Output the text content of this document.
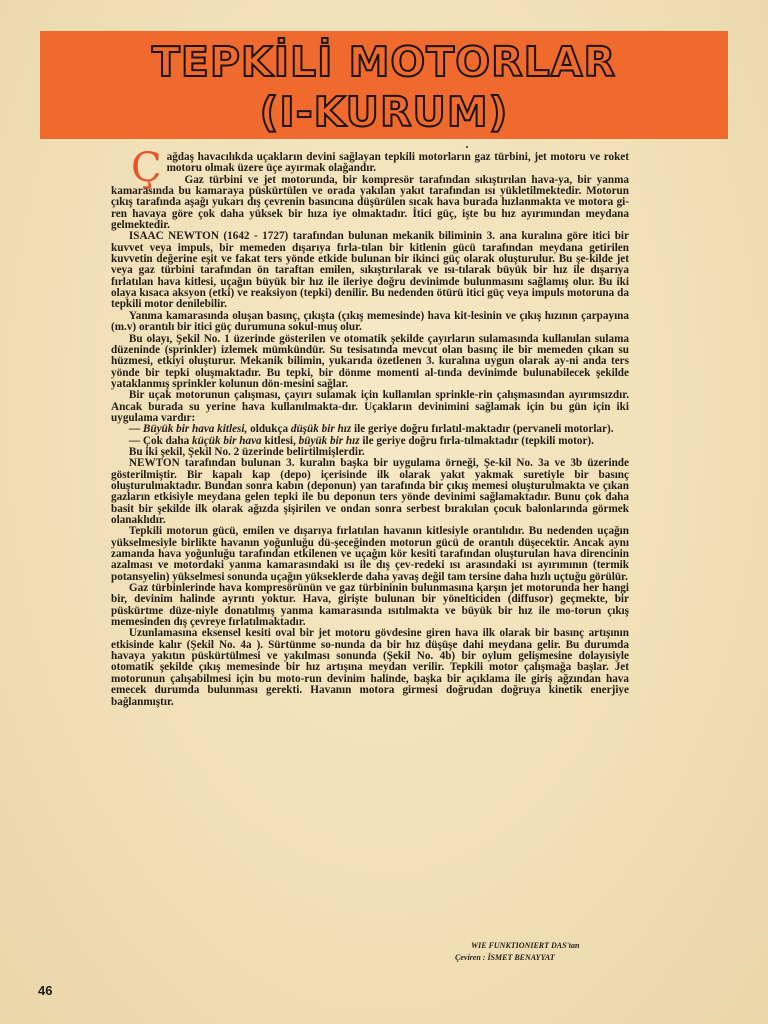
TEPKİLİ MOTORLAR
(I-KURUM)

Çağdaş havacılıkda uçakların devini sağlayan tepkili motorların gaz türbini, jet motoru ve roket motoru olmak üzere üçe ayırmak olağandır.

Gaz türbini ve jet motorunda, bir kompresör tarafından sıkıştırılan hava-ya, bir yanma kamarasında bu kamaraya püskürtülen ve orada yakılan yakıt tarafından ısı yükletilmektedir. Motorun çıkış tarafında aşağı yukarı dış çevrenin basıncına düşürülen sıcak hava burada hızlanmakta ve motora gi-ren havaya göre çok daha yüksek bir hıza iye olmaktadır. İtici güç, işte bu hız ayırımından meydana gelmektedir.

ISAAC NEWTON (1642 - 1727) tarafından bulunan mekanik biliminin 3. ana kuralına göre itici bir kuvvet veya impuls, bir memeden dışarıya fırla-tılan bir kitlenin gücü tarafından meydana getirilen kuvvetin değerine eşit ve fakat ters yönde etkide bulunan bir ikinci güç olarak oluşturulur. Bu şe-kilde jet veya gaz türbini tarafından ön taraftan emilen, sıkıştırılarak ve ısı-tılarak büyük bir hız ile dışarıya fırlatılan hava kitlesi, uçağın büyük bir hız ile ileriye doğru devinimde bulunmasını sağlamış olur. Bu iki olaya kısaca aksyon (etki) ve reaksiyon (tepki) denilir. Bu nedenden ötürü itici güç veya impuls motoruna da tepkili motor denilebilir.

Yanma kamarasında oluşan basınç, çıkışta (çıkış memesinde) hava kit-lesinin ve çıkış hızının çarpayına (m.v) orantılı bir itici güç durumuna sokul-muş olur.

Bu olayı, Şekil No. 1 üzerinde gösterilen ve otomatik şekilde çayırların sulamasında kullanılan sulama düzeninde (sprinkler) izlemek mümkündür. Su tesisatında mevcut olan basınç ile bir memeden çıkan su hüzmesi, etkiyi oluşturur. Mekanik bilimin, yukarıda özetlenen 3. kuralına uygun olarak ay-ni anda ters yönde bir tepki oluşmaktadır. Bu tepki, bir dönme momenti al-tında devinimde bulunabilecek şekilde yataklanmış sprinkler kolunun dön-mesini sağlar.

Bir uçak motorunun çalışması, çayırı sulamak için kullanılan sprinkle-rin çalışmasından ayırımsızdır. Ancak burada su yerine hava kullanılmakta-dır. Uçakların devinimini sağlamak için bu gün için iki uygulama vardır:

— Büyük bir hava kitlesi, oldukça düşük bir hız ile geriye doğru fırlatıl-maktadır (pervaneli motorlar).

— Çok daha küçük bir hava kitlesi, büyük bir hız ile geriye doğru fırla-tılmaktadır (tepkili motor).

Bu iki şekil, Şekil No. 2 üzerinde belirtilmişlerdir.

NEWTON tarafından bulunan 3. kuralın başka bir uygulama örneği, Şe-kil No. 3a ve 3b üzerinde gösterilmiştir. Bir kapalı kap (depo) içerisinde ilk olarak yakıt yakmak suretiyle bir basınç oluşturulmaktadır. Bundan sonra kabın (deponun) yan tarafında bir çıkış memesi oluşturulmakta ve çıkan gazların etkisiyle meydana gelen tepki ile bu deponun ters yönde devinimi sağlamaktadır. Bunu çok daha basit bir şekilde ilk olarak ağızda şişirilen ve ondan sonra serbest bırakılan çocuk balonlarında görmek olanaklıdır.

Tepkili motorun gücü, emilen ve dışarıya fırlatılan havanın kitlesiyle orantılıdır. Bu nedenden uçağın yükselmesiyle birlikte havanın yoğunluğu dü-şeceğinden motorun gücü de orantılı düşecektir. Ancak aynı zamanda hava yoğunluğu tarafından etkilenen ve uçağın kör kesiti tarafından oluşturulan hava direncinin azalması ve motordaki yanma kamarasındaki ısı ile dış çev-redeki ısı arasındaki ısı ayırımının (termik potansyelin) yükselmesi sonunda uçağın yükseklerde daha yavaş değil tam tersine daha hızlı uçtuğu görülür.

Gaz türbinlerinde hava kompresörünün ve gaz türbininin bulunmasına karşın jet motorunda her hangi bir, devinim halinde ayrıntı yoktur. Hava, girişte bulunan bir yöneltici̇den (diffusor) geçmekte, bir püskürtme düze-niyle donatılmış yanma kamarasında ısıtılmakta ve büyük bir hız ile mo-torun çıkış memesinden dış çevreye fırlatılmaktadır.

Uzunlamasına eksensel kesiti oval bir jet motoru gövdesine giren hava ilk olarak bir basınç artışının etkisinde kalır (Şekil No. 4a ). Sürtünme so-nunda da bir hız düşüşe dahi meydana gelir. Bu durumda havaya yakıtın püskürtülmesi ve yakılması sonunda (Şekil No. 4b) bir oylum gelişmesine dolayısiyle otomatik şekilde çıkış memesinde bir hız artışına meydan verilir. Tepkili motor çalışmağa başlar. Jet motorunun çalışabilmesi için bu moto-run devinim halinde, başka bir açıklama ile giriş ağzından hava emecek durumda bulunması gerekti. Havanın motora girmesi doğrudan doğruya kinetik enerjiye bağlanmıştır.

WIE FUNKTIONIERT DAS'tan
Çeviren : İSMET BENAYYAT
46
